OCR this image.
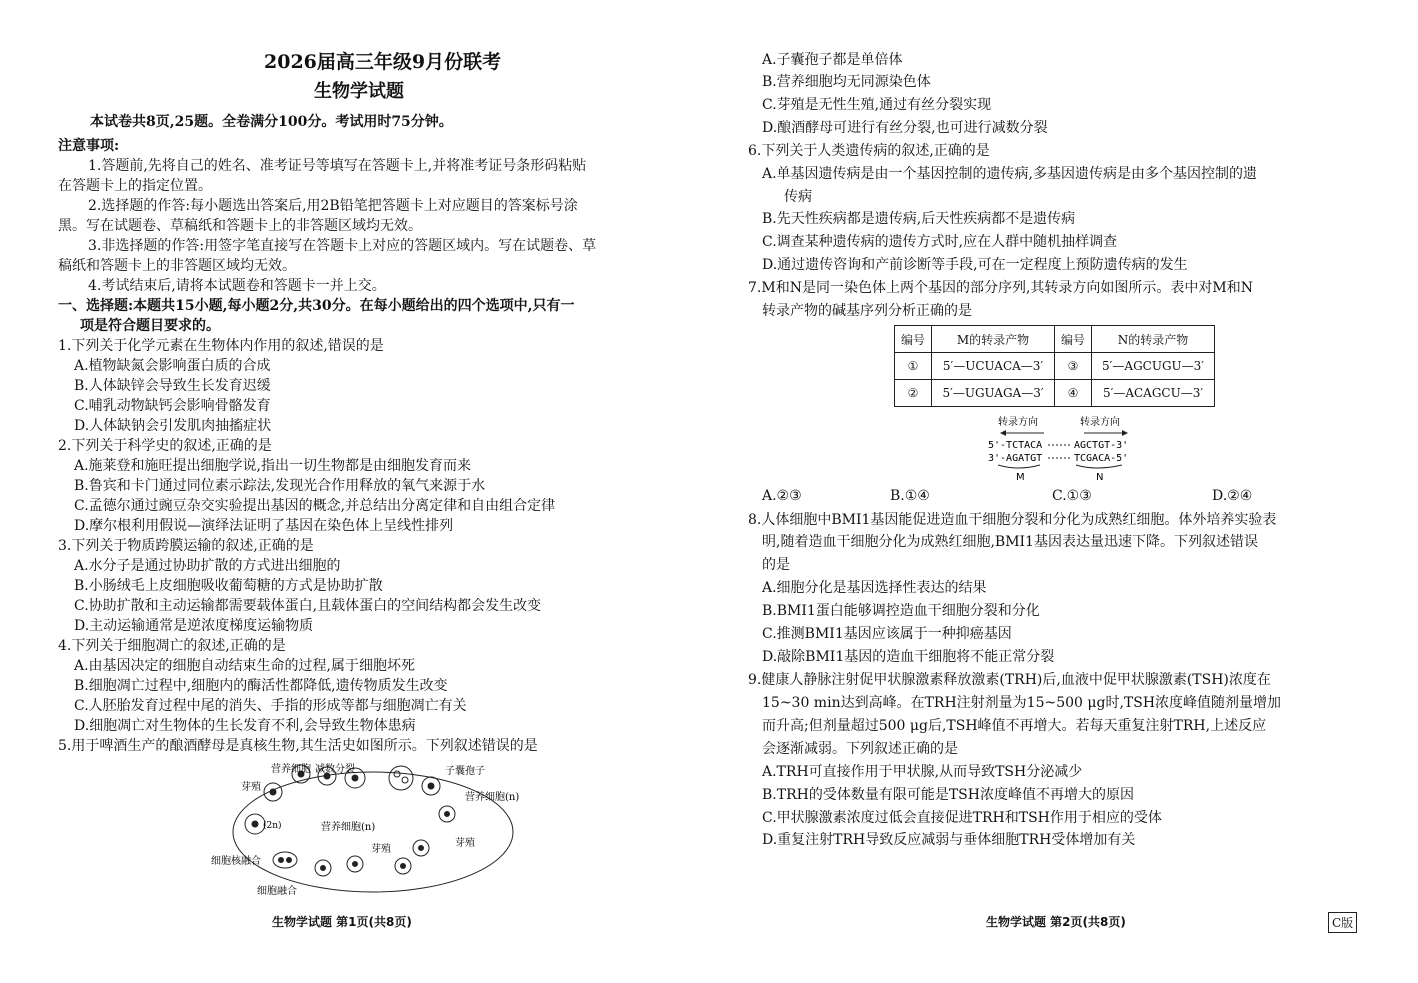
2026届高三年级9月份联考
生物学试题
本试卷共8页,25题。全卷满分100分。考试用时75分钟。
注意事项:
1.答题前,先将自己的姓名、准考证号等填写在答题卡上,并将准考证号条形码粘贴
在答题卡上的指定位置。
2.选择题的作答:每小题选出答案后,用2B铅笔把答题卡上对应题目的答案标号涂
黑。写在试题卷、草稿纸和答题卡上的非答题区域均无效。
3.非选择题的作答:用签字笔直接写在答题卡上对应的答题区域内。写在试题卷、草
稿纸和答题卡上的非答题区域均无效。
4.考试结束后,请将本试题卷和答题卡一并上交。
一、选择题:本题共15小题,每小题2分,共30分。在每小题给出的四个选项中,只有一
项是符合题目要求的。
1.下列关于化学元素在生物体内作用的叙述,错误的是
A.植物缺氮会影响蛋白质的合成
B.人体缺锌会导致生长发育迟缓
C.哺乳动物缺钙会影响骨骼发育
D.人体缺钠会引发肌肉抽搐症状
2.下列关于科学史的叙述,正确的是
A.施莱登和施旺提出细胞学说,指出一切生物都是由细胞发育而来
B.鲁宾和卡门通过同位素示踪法,发现光合作用释放的氧气来源于水
C.孟德尔通过豌豆杂交实验提出基因的概念,并总结出分离定律和自由组合定律
D.摩尔根利用假说—演绎法证明了基因在染色体上呈线性排列
3.下列关于物质跨膜运输的叙述,正确的是
A.水分子是通过协助扩散的方式进出细胞的
B.小肠绒毛上皮细胞吸收葡萄糖的方式是协助扩散
C.协助扩散和主动运输都需要载体蛋白,且载体蛋白的空间结构都会发生改变
D.主动运输通常是逆浓度梯度运输物质
4.下列关于细胞凋亡的叙述,正确的是
A.由基因决定的细胞自动结束生命的过程,属于细胞坏死
B.细胞凋亡过程中,细胞内的酶活性都降低,遗传物质发生改变
C.人胚胎发育过程中尾的消失、手指的形成等都与细胞凋亡有关
D.细胞凋亡对生物体的生长发育不利,会导致生物体患病
5.用于啤酒生产的酿酒酵母是真核生物,其生活史如图所示。下列叙述错误的是
营养细胞 减数分裂	子囊孢子
营养细胞(n)
芽殖
营养细胞(n)
芽殖
(2n)
芽殖
细胞核融合
细胞融合
A.子囊孢子都是单倍体
B.营养细胞均无同源染色体
C.芽殖是无性生殖,通过有丝分裂实现
D.酿酒酵母可进行有丝分裂,也可进行减数分裂
6.下列关于人类遗传病的叙述,正确的是
A.单基因遗传病是由一个基因控制的遗传病,多基因遗传病是由多个基因控制的遗
传病
B.先天性疾病都是遗传病,后天性疾病都不是遗传病
C.调查某种遗传病的遗传方式时,应在人群中随机抽样调查
D.通过遗传咨询和产前诊断等手段,可在一定程度上预防遗传病的发生
7.M和N是同一染色体上两个基因的部分序列,其转录方向如图所示。表中对M和N
转录产物的碱基序列分析正确的是
编号	M的转录产物	编号	N的转录产物
①	5′—UCUACA—3′	③	5′—AGCUGU—3′
②	5′—UGUAGA—3′	④	5′—ACAGCU—3′
转录方向	转录方向
5'-TCTACA	AGCTGT-3'
3'-AGATGT	TCGACA-5'
M	N
A.②③	B.①④	C.①③	D.②④
8.人体细胞中BMI1基因能促进造血干细胞分裂和分化为成熟红细胞。体外培养实验表
明,随着造血干细胞分化为成熟红细胞,BMI1基因表达量迅速下降。下列叙述错误
的是
A.细胞分化是基因选择性表达的结果
B.BMI1蛋白能够调控造血干细胞分裂和分化
C.推测BMI1基因应该属于一种抑癌基因
D.敲除BMI1基因的造血干细胞将不能正常分裂
9.健康人静脉注射促甲状腺激素释放激素(TRH)后,血液中促甲状腺激素(TSH)浓度在
15~30 min达到高峰。在TRH注射剂量为15~500 μg时,TSH浓度峰值随剂量增加
而升高;但剂量超过500 μg后,TSH峰值不再增大。若每天重复注射TRH,上述反应
会逐渐减弱。下列叙述正确的是
A.TRH可直接作用于甲状腺,从而导致TSH分泌减少
B.TRH的受体数量有限可能是TSH浓度峰值不再增大的原因
C.甲状腺激素浓度过低会直接促进TRH和TSH作用于相应的受体
D.重复注射TRH导致反应减弱与垂体细胞TRH受体增加有关
生物学试题 第1页(共8页)	生物学试题 第2页(共8页)	C版
